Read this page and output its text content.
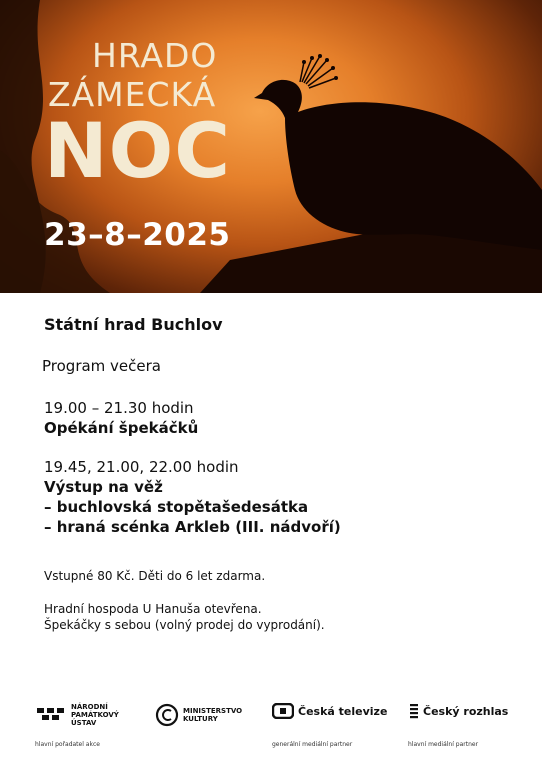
HRADO
ZÁMECKÁ
NOC
23–8–2025
Státní hrad Buchlov
Program večera
19.00 – 21.30 hodin
Opékání špekáčků
19.45, 21.00, 22.00 hodin
Výstup na věž
– buchlovská stopětašedesátka
– hraná scénka Arkleb (III. nádvoří)
Vstupné 80 Kč. Děti do 6 let zdarma.
Hradní hospoda U Hanuša otevřena.
Špekáčky s sebou (volný prodej do vyprodání).
NÁRODNÍ
PAMÁTKOVÝ
ÚSTAV
hlavní pořadatel akce
MINISTERSTVO
KULTURY
Česká televize
generální mediální partner
Český rozhlas
hlavní mediální partner
